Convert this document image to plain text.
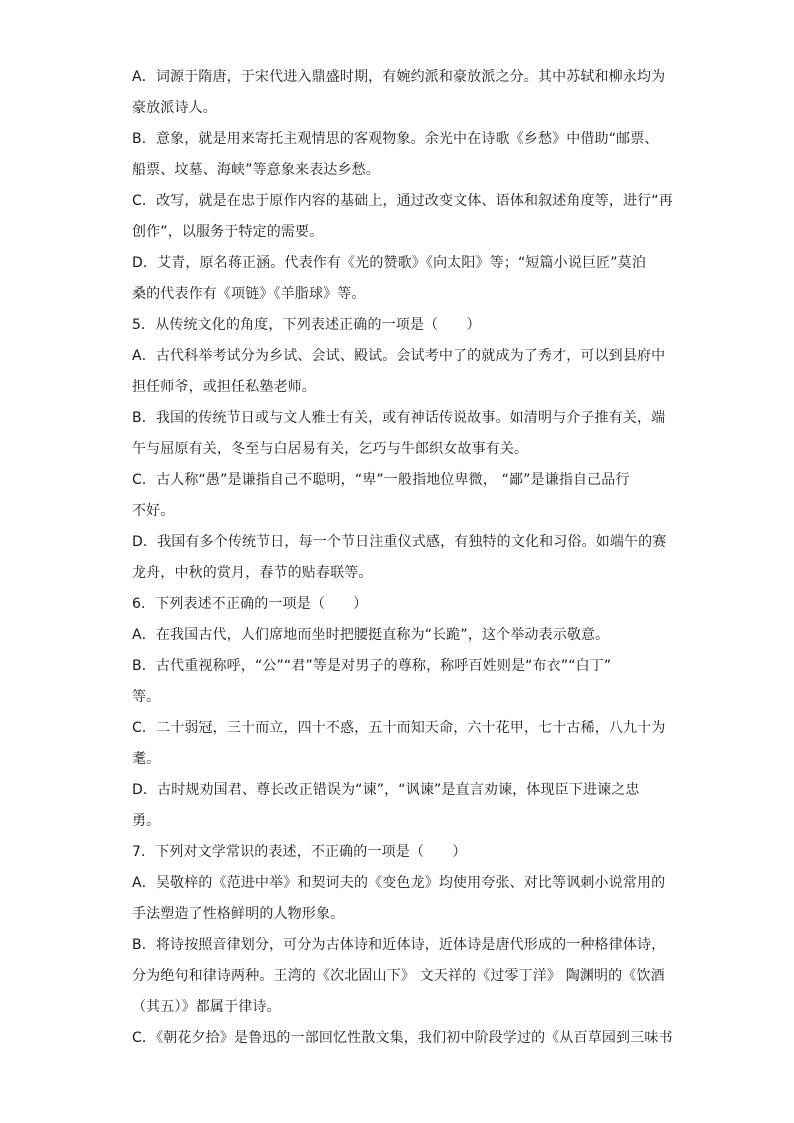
A．词源于隋唐，于宋代进入鼎盛时期，有婉约派和豪放派之分。其中苏轼和柳永均为
豪放派诗人。
B．意象，就是用来寄托主观情思的客观物象。余光中在诗歌《乡愁》中借助“邮票、
船票、坟墓、海峡”等意象来表达乡愁。
C．改写，就是在忠于原作内容的基础上，通过改变文体、语体和叙述角度等，进行“再
创作”，以服务于特定的需要。
D．艾青，原名蒋正涵。代表作有《光的赞歌》《向太阳》等；“短篇小说巨匠”莫泊
桑的代表作有《项链》《羊脂球》等。
5．从传统文化的角度，下列表述正确的一项是（　　）
A．古代科举考试分为乡试、会试、殿试。会试考中了的就成为了秀才，可以到县府中
担任师爷，或担任私塾老师。
B．我国的传统节日或与文人雅士有关，或有神话传说故事。如清明与介子推有关，端
午与屈原有关，冬至与白居易有关，乞巧与牛郎织女故事有关。
C．古人称“愚”是谦指自己不聪明，“卑”一般指地位卑微， “鄙”是谦指自己品行
不好。
D．我国有多个传统节日，每一个节日注重仪式感，有独特的文化和习俗。如端午的赛
龙舟，中秋的赏月，春节的贴春联等。
6．下列表述不正确的一项是（　　）
A．在我国古代，人们席地而坐时把腰挺直称为“长跪”，这个举动表示敬意。
B．古代重视称呼，“公”“君”等是对男子的尊称，称呼百姓则是“布衣”“白丁”
等。
C．二十弱冠，三十而立，四十不惑，五十而知天命，六十花甲，七十古稀，八九十为
耄。
D．古时规劝国君、尊长改正错误为“谏”，“讽谏”是直言劝谏，体现臣下进谏之忠
勇。
7．下列对文学常识的表述，不正确的一项是（　　）
A．吴敬梓的《范进中举》和契诃夫的《变色龙》均使用夸张、对比等讽刺小说常用的
手法塑造了性格鲜明的人物形象。
B．将诗按照音律划分，可分为古体诗和近体诗，近体诗是唐代形成的一种格律体诗，
分为绝句和律诗两种。王湾的《次北固山下》 文天祥的《过零丁洋》 陶渊明的《饮酒
（其五）》都属于律诗。
C．《朝花夕拾》是鲁迅的一部回忆性散文集，我们初中阶段学过的《从百草园到三味书
